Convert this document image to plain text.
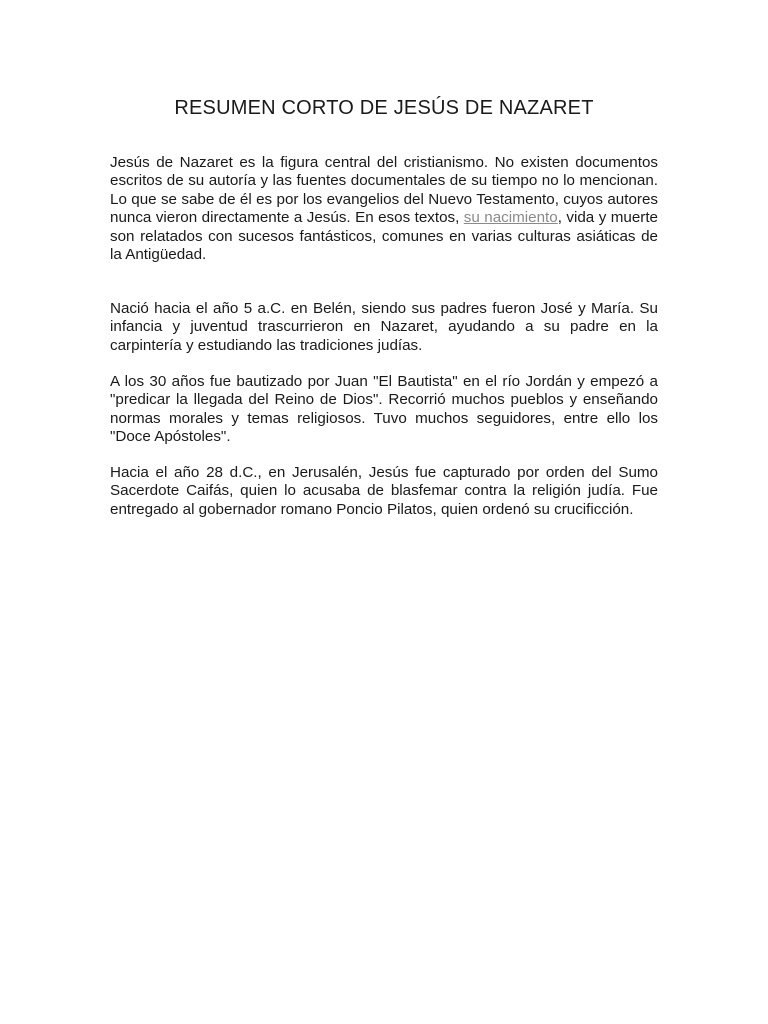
RESUMEN CORTO DE JESÚS DE NAZARET

Jesús de Nazaret es la figura central del cristianismo. No existen documentos escritos de su autoría y las fuentes documentales de su tiempo no lo mencionan. Lo que se sabe de él es por los evangelios del Nuevo Testamento, cuyos autores nunca vieron directamente a Jesús. En esos textos, su nacimiento, vida y muerte son relatados con sucesos fantásticos, comunes en varias culturas asiáticas de la Antigüedad.

Nació hacia el año 5 a.C. en Belén, siendo sus padres fueron José y María. Su infancia y juventud trascurrieron en Nazaret, ayudando a su padre en la carpintería y estudiando las tradiciones judías.

A los 30 años fue bautizado por Juan "El Bautista" en el río Jordán y empezó a "predicar la llegada del Reino de Dios". Recorrió muchos pueblos y enseñando normas morales y temas religiosos. Tuvo muchos seguidores, entre ello los "Doce Apóstoles".

Hacia el año 28 d.C., en Jerusalén, Jesús fue capturado por orden del Sumo Sacerdote Caifás, quien lo acusaba de blasfemar contra la religión judía. Fue entregado al gobernador romano Poncio Pilatos, quien ordenó su crucificción.
